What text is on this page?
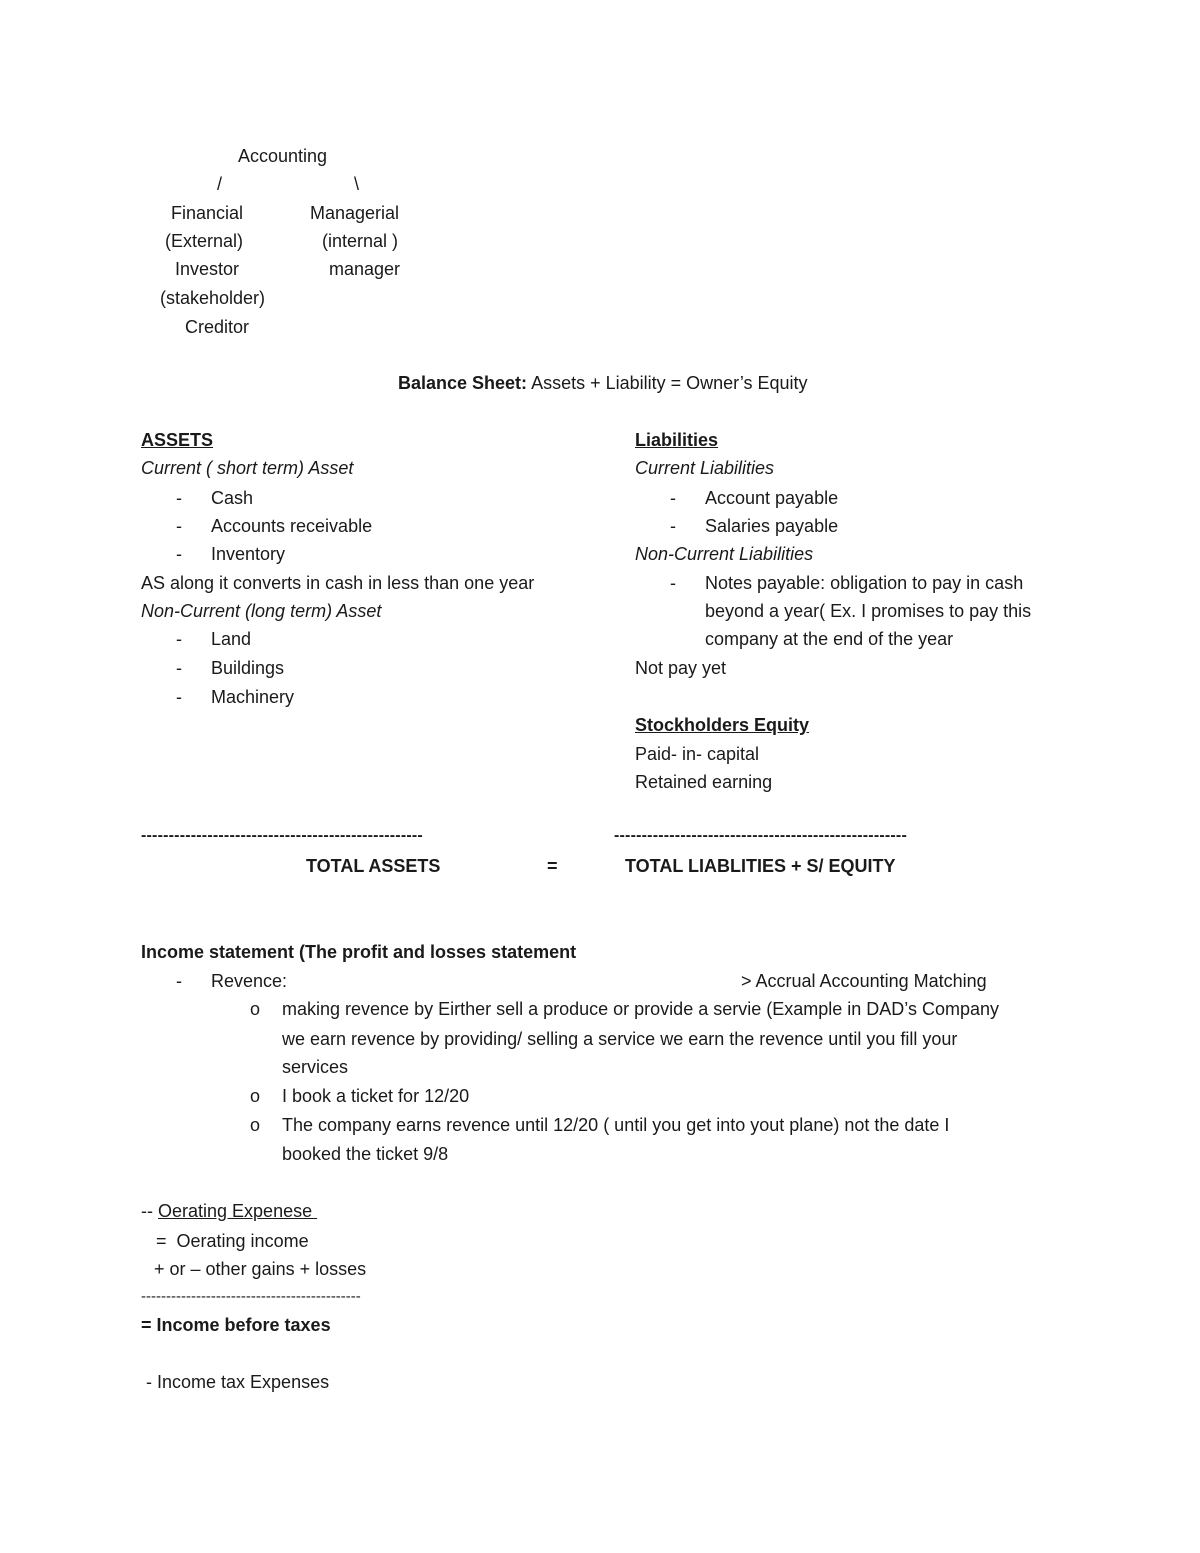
Accounting
/	\
Financial
(External)
Investor
(stakeholder)
Creditor
Managerial
(internal )
manager
Balance Sheet: Assets + Liability = Owner’s Equity
ASSETS
Current ( short term) Asset
- Cash
- Accounts receivable
- Inventory
AS along it converts in cash in less than one year
Non-Current (long term) Asset
- Land
- Buildings
- Machinery
Liabilities
Current Liabilities
- Account payable
- Salaries payable
Non-Current Liabilities
- Notes payable: obligation to pay in cash
beyond a year( Ex. I promises to pay this
company at the end of the year
Not pay yet
Stockholders Equity
Paid- in- capital
Retained earning
---------------------------------------------------	-----------------------------------------------------
TOTAL ASSETS	=	TOTAL LIABLITIES + S/ EQUITY
Income statement (The profit and losses statement
- Revence:	> Accrual Accounting Matching
o making revence by Eirther sell a produce or provide a servie (Example in DAD’s Company
we earn revence by providing/ selling a service we earn the revence until you fill your
services
o I book a ticket for 12/20
o The company earns revence until 12/20 ( until you get into yout plane) not the date I
booked the ticket 9/8
-- Oerating Expenese
=  Oerating income
+ or – other gains + losses
--------------------------------------------
= Income before taxes
- Income tax Expenses
